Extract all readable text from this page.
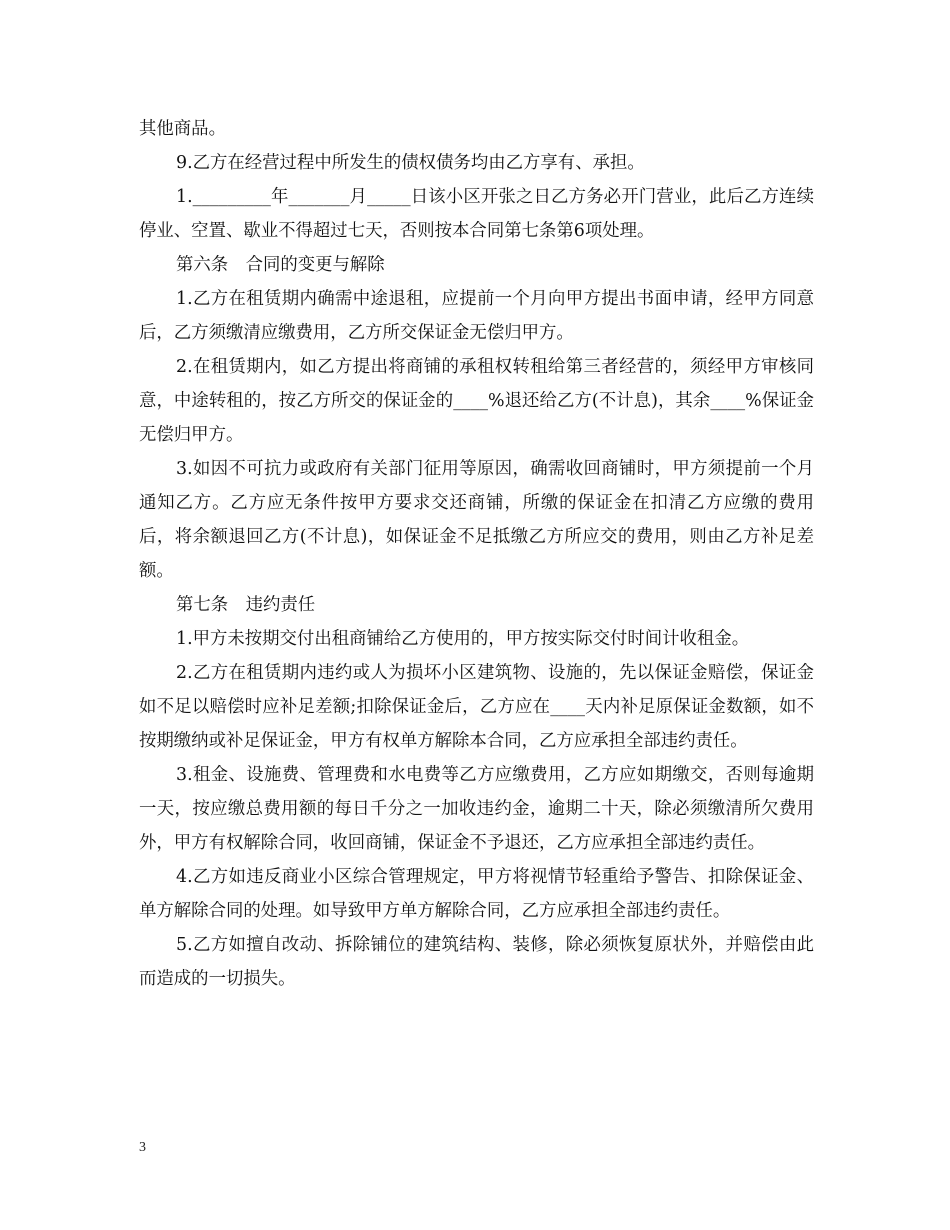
其他商品。

9.乙方在经营过程中所发生的债权债务均由乙方享有、承担。

1._________年_______月_____日该小区开张之日乙方务必开门营业，此后乙方连续停业、空置、歇业不得超过七天，否则按本合同第七条第6项处理。

第六条　合同的变更与解除

1.乙方在租赁期内确需中途退租，应提前一个月向甲方提出书面申请，经甲方同意后，乙方须缴清应缴费用，乙方所交保证金无偿归甲方。

2.在租赁期内，如乙方提出将商铺的承租权转租给第三者经营的，须经甲方审核同意，中途转租的，按乙方所交的保证金的____%退还给乙方(不计息)，其余____%保证金无偿归甲方。

3.如因不可抗力或政府有关部门征用等原因，确需收回商铺时，甲方须提前一个月通知乙方。乙方应无条件按甲方要求交还商铺，所缴的保证金在扣清乙方应缴的费用后，将余额退回乙方(不计息)，如保证金不足抵缴乙方所应交的费用，则由乙方补足差额。

第七条　违约责任

1.甲方未按期交付出租商铺给乙方使用的，甲方按实际交付时间计收租金。

2.乙方在租赁期内违约或人为损坏小区建筑物、设施的，先以保证金赔偿，保证金如不足以赔偿时应补足差额;扣除保证金后，乙方应在____天内补足原保证金数额，如不按期缴纳或补足保证金，甲方有权单方解除本合同，乙方应承担全部违约责任。

3.租金、设施费、管理费和水电费等乙方应缴费用，乙方应如期缴交，否则每逾期一天，按应缴总费用额的每日千分之一加收违约金，逾期二十天，除必须缴清所欠费用外，甲方有权解除合同，收回商铺，保证金不予退还，乙方应承担全部违约责任。

4.乙方如违反商业小区综合管理规定，甲方将视情节轻重给予警告、扣除保证金、单方解除合同的处理。如导致甲方单方解除合同，乙方应承担全部违约责任。

5.乙方如擅自改动、拆除铺位的建筑结构、装修，除必须恢复原状外，并赔偿由此而造成的一切损失。

3
